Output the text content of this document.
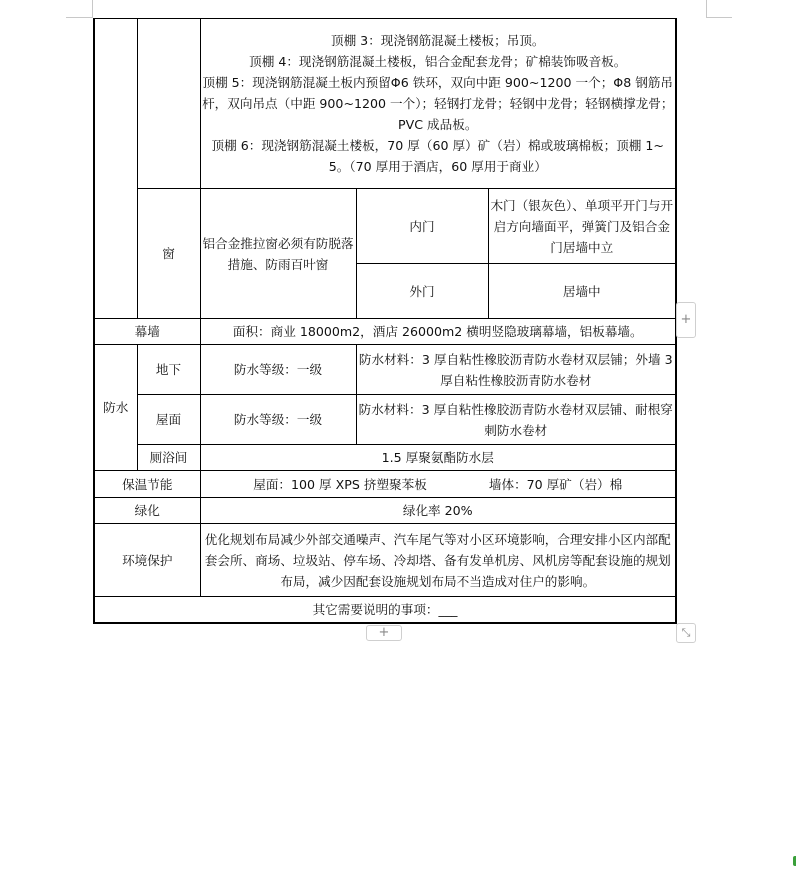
		顶棚 3：现浇钢筋混凝土楼板；吊顶。
顶棚 4：现浇钢筋混凝土楼板，铝合金配套龙骨；矿棉装饰吸音板。
顶棚 5：现浇钢筋混凝土板内预留Φ6 铁环，双向中距 900~1200 一个；Φ8 钢筋吊杆，双向吊点（中距 900~1200 一个）；轻钢打龙骨；轻钢中龙骨；轻钢横撑龙骨；PVC 成品板。
顶棚 6：现浇钢筋混凝土楼板，70 厚（60 厚）矿（岩）棉或玻璃棉板；顶棚 1~5。（70 厚用于酒店，60 厚用于商业）		

	窗	铝合金推拉窗必须有防脱落措施、防雨百叶窗	内门	木门（银灰色）、单项平开门与开启方向墙面平，弹簧门及铝合金门居墙中立
			外门	居墙中
幕墙		面积：商业 18000m2，酒店 26000m2 横明竖隐玻璃幕墙，铝板幕墙。		
防水	地下	防水等级：一级	防水材料：3 厚自粘性橡胶沥青防水卷材双层铺；外墙 3 厚自粘性橡胶沥青防水卷材	
	屋面	防水等级：一级	防水材料：3 厚自粘性橡胶沥青防水卷材双层铺、耐根穿刺防水卷材	
	厕浴间	1.5 厚聚氨酯防水层		
保温节能		屋面：100 厚 XPS 挤塑聚苯板 墙体：70 厚矿（岩）棉		
绿化		绿化率 20%		
环境保护		优化规划布局减少外部交通噪声、汽车尾气等对小区环境影响，合理安排小区内部配套会所、商场、垃圾站、停车场、冷却塔、备有发单机房、风机房等配套设施的规划布局，减少因配套设施规划布局不当造成对住户的影响。		
其它需要说明的事项：___				
+
+	⤡
